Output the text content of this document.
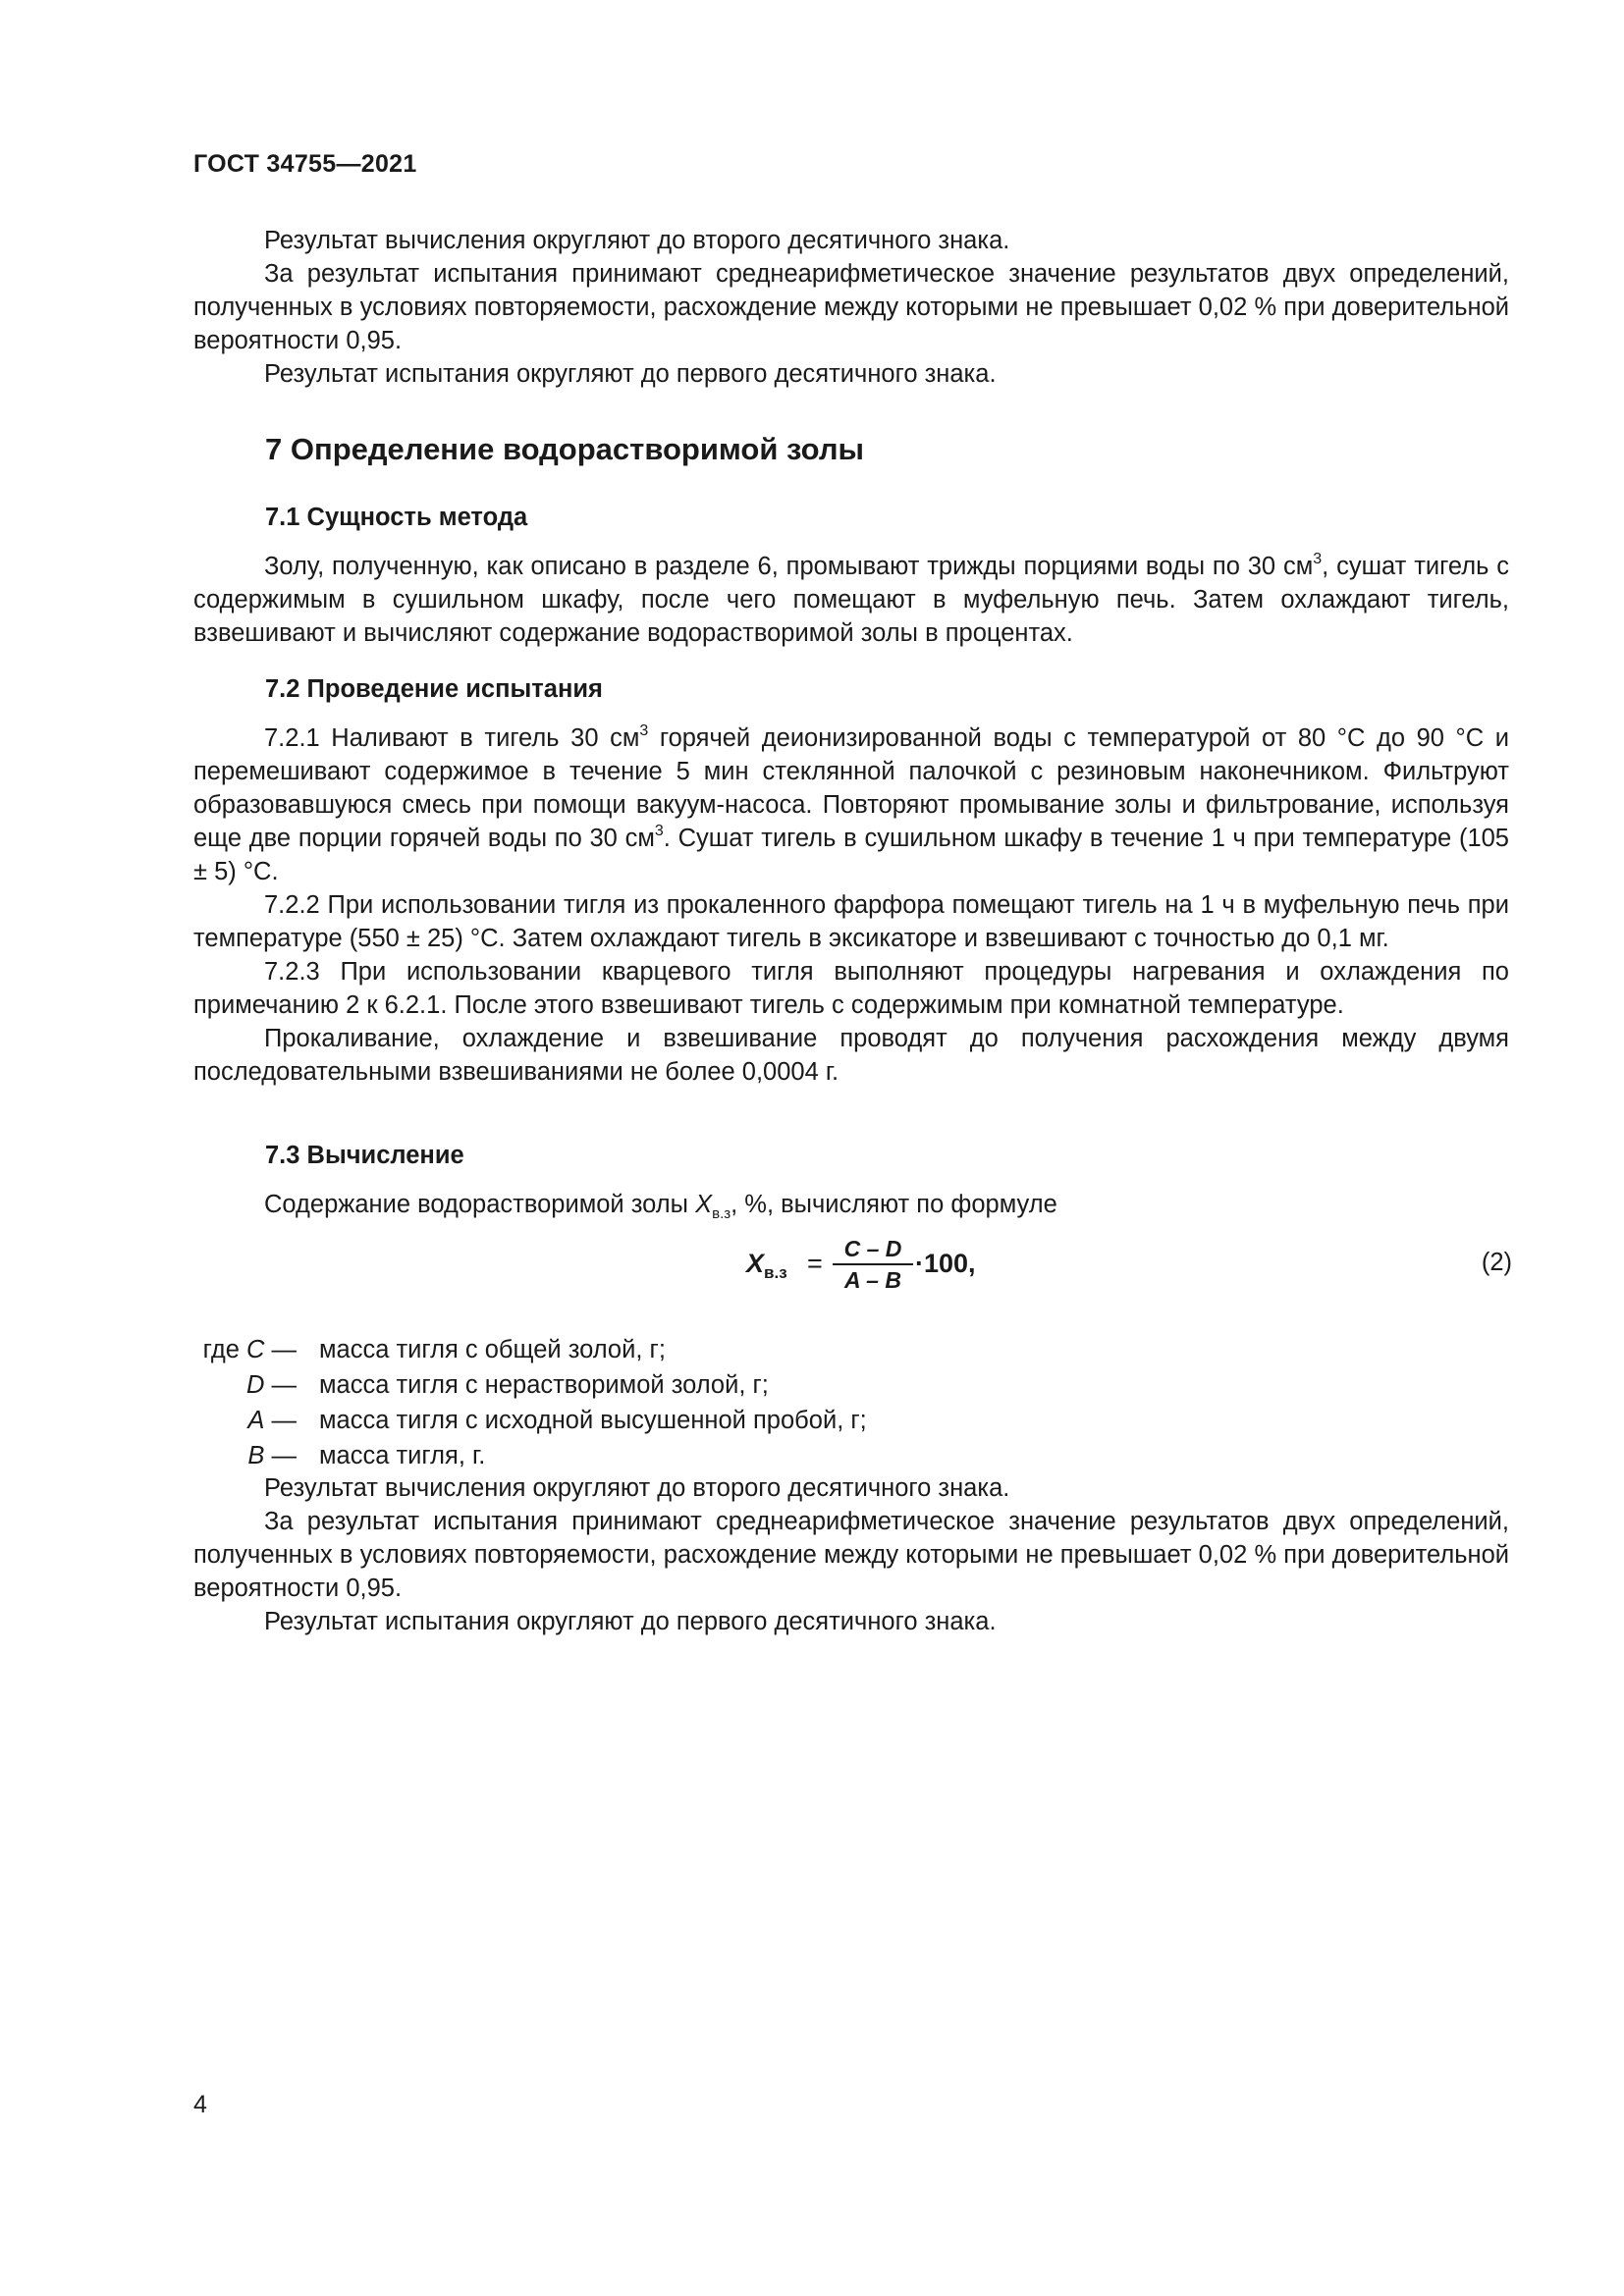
ГОСТ 34755—2021

Результат вычисления округляют до второго десятичного знака.

За результат испытания принимают среднеарифметическое значение результатов двух определений, полученных в условиях повторяемости, расхождение между которыми не превышает 0,02 % при доверительной вероятности 0,95.

Результат испытания округляют до первого десятичного знака.

7 Определение водорастворимой золы
7.1 Сущность метода

Золу, полученную, как описано в разделе 6, промывают трижды порциями воды по 30 $см^3$, сушат тигель с содержимым в сушильном шкафу, после чего помещают в муфельную печь. Затем охлаждают тигель, взвешивают и вычисляют содержание водорастворимой золы в процентах.

7.2 Проведение испытания

7.2.1 Наливают в тигель 30 $см^3$ горячей деионизированной воды с температурой от 80 °С до 90 °С и перемешивают содержимое в течение 5 мин стеклянной палочкой с резиновым наконечником. Фильтруют образовавшуюся смесь при помощи вакуум-насоса. Повторяют промывание золы и фильтрование, используя еще две порции горячей воды по 30 $см^3$. Сушат тигель в сушильном шкафу в течение 1 ч при температуре (105 ± 5) °С.

7.2.2 При использовании тигля из прокаленного фарфора помещают тигель на 1 ч в муфельную печь при температуре (550 ± 25) °С. Затем охлаждают тигель в эксикаторе и взвешивают с точностью до 0,1 мг.

7.2.3 При использовании кварцевого тигля выполняют процедуры нагревания и охлаждения по примечанию 2 к 6.2.1. После этого взвешивают тигель с содержимым при комнатной температуре.

Прокаливание, охлаждение и взвешивание проводят до получения расхождения между двумя последовательными взвешиваниями не более 0,0004 г.

7.3 Вычисление

Содержание водорастворимой золы $X_{в.з}$, %, вычисляют по формуле

$X_{в.з} = C - D$
A – B
·100,	(2)
где C — масса тигля с общей золой, г;
D — масса тигля с нерастворимой золой, г;
A — масса тигля с исходной высушенной пробой, г;
B — масса тигля, г.

Результат вычисления округляют до второго десятичного знака.

За результат испытания принимают среднеарифметическое значение результатов двух определений, полученных в условиях повторяемости, расхождение между которыми не превышает 0,02 % при доверительной вероятности 0,95.

Результат испытания округляют до первого десятичного знака.

4
